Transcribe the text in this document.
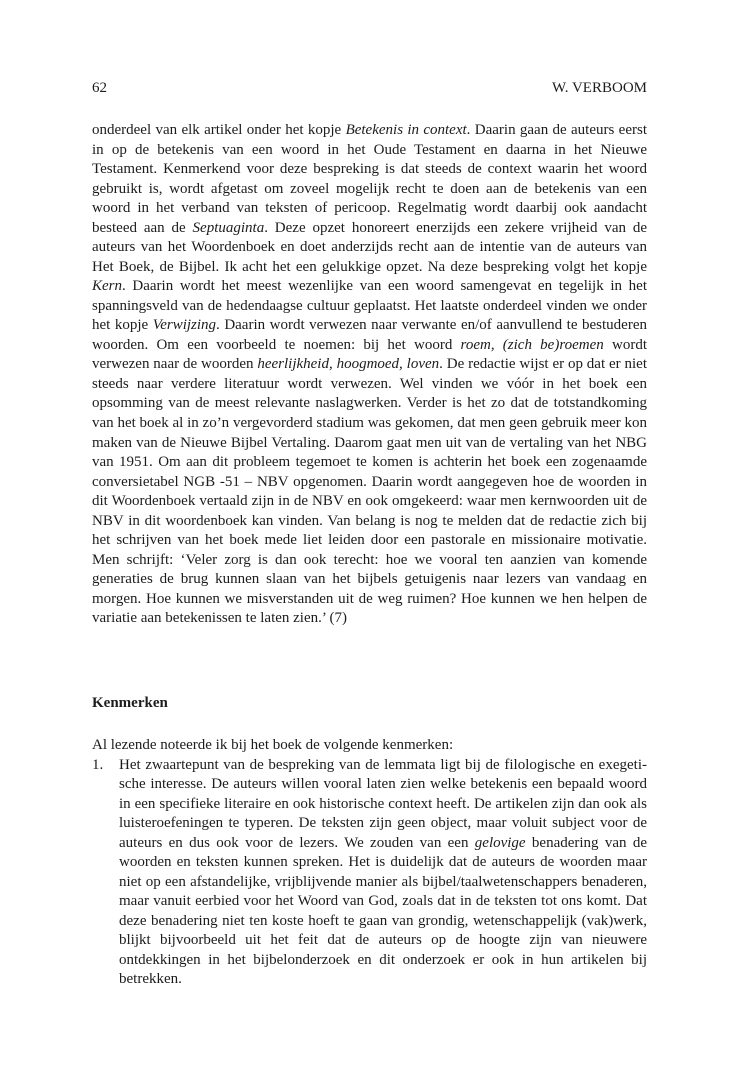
62	W. VERBOOM

onderdeel van elk artikel onder het kopje Betekenis in context. Daarin gaan de auteurs eerst in op de betekenis van een woord in het Oude Testament en daarna in het Nieuwe Testament. Kenmerkend voor deze bespreking is dat steeds de context waarin het woord gebruikt is, wordt afgetast om zoveel mogelijk recht te doen aan de betekenis van een woord in het verband van teksten of pericoop. Regelmatig wordt daarbij ook aandacht besteed aan de Septuaginta. Deze opzet honoreert enerzijds een zekere vrijheid van de auteurs van het Woordenboek en doet anderzijds recht aan de intentie van de auteurs van Het Boek, de Bijbel. Ik acht het een gelukkige opzet. Na deze bespreking volgt het kopje Kern. Daarin wordt het meest wezenlijke van een woord samengevat en tegelijk in het spanningsveld van de hedendaagse cultuur geplaatst. Het laatste onderdeel vinden we onder het kopje Verwijzing. Daarin wordt verwezen naar verwante en/of aanvullend te bestuderen woorden. Om een voorbeeld te noemen: bij het woord roem, (zich be)roemen wordt verwezen naar de woorden heerlijkheid, hoogmoed, loven. De redactie wijst er op dat er niet steeds naar verdere literatuur wordt verwezen. Wel vinden we vóór in het boek een opsomming van de meest relevante naslagwerken. Verder is het zo dat de totstandkoming van het boek al in zo’n vergevorderd stadium was gekomen, dat men geen gebruik meer kon maken van de Nieuwe Bijbel Vertaling. Daarom gaat men uit van de vertaling van het NBG van 1951. Om aan dit probleem tegemoet te komen is achterin het boek een zogenaamde conversietabel NGB -51 – NBV opgenomen. Daarin wordt aangegeven hoe de woorden in dit Woordenboek vertaald zijn in de NBV en ook omgekeerd: waar men kernwoorden uit de NBV in dit woordenboek kan vinden. Van belang is nog te melden dat de redactie zich bij het schrijven van het boek mede liet leiden door een pastorale en missionaire motivatie. Men schrijft: ‘Veler zorg is dan ook terecht: hoe we vooral ten aanzien van komende generaties de brug kunnen slaan van het bijbels getuigenis naar lezers van vandaag en morgen. Hoe kunnen we misverstanden uit de weg ruimen? Hoe kunnen we hen helpen de variatie aan betekenissen te laten zien.’ (7)

Kenmerken

Al lezende noteerde ik bij het boek de volgende kenmerken:

1.	Het zwaartepunt van de bespreking van de lemmata ligt bij de filologische en exegetische interesse. De auteurs willen vooral laten zien welke betekenis een bepaald woord in een specifieke literaire en ook historische context heeft. De artikelen zijn dan ook als luisteroefeningen te typeren. De teksten zijn geen object, maar voluit subject voor de auteurs en dus ook voor de lezers. We zouden van een gelovige benadering van de woorden en teksten kunnen spreken. Het is duidelijk dat de auteurs de woorden maar niet op een afstandelijke, vrijblijvende manier als bijbel/taalwetenschappers benaderen, maar vanuit eerbied voor het Woord van God, zoals dat in de teksten tot ons komt. Dat deze benadering niet ten koste hoeft te gaan van grondig, wetenschappelijk (vak)werk, blijkt bijvoorbeeld uit het feit dat de auteurs op de hoogte zijn van nieuwere ontdekkingen in het bijbelonderzoek en dit onderzoek er ook in hun artikelen bij betrekken.
